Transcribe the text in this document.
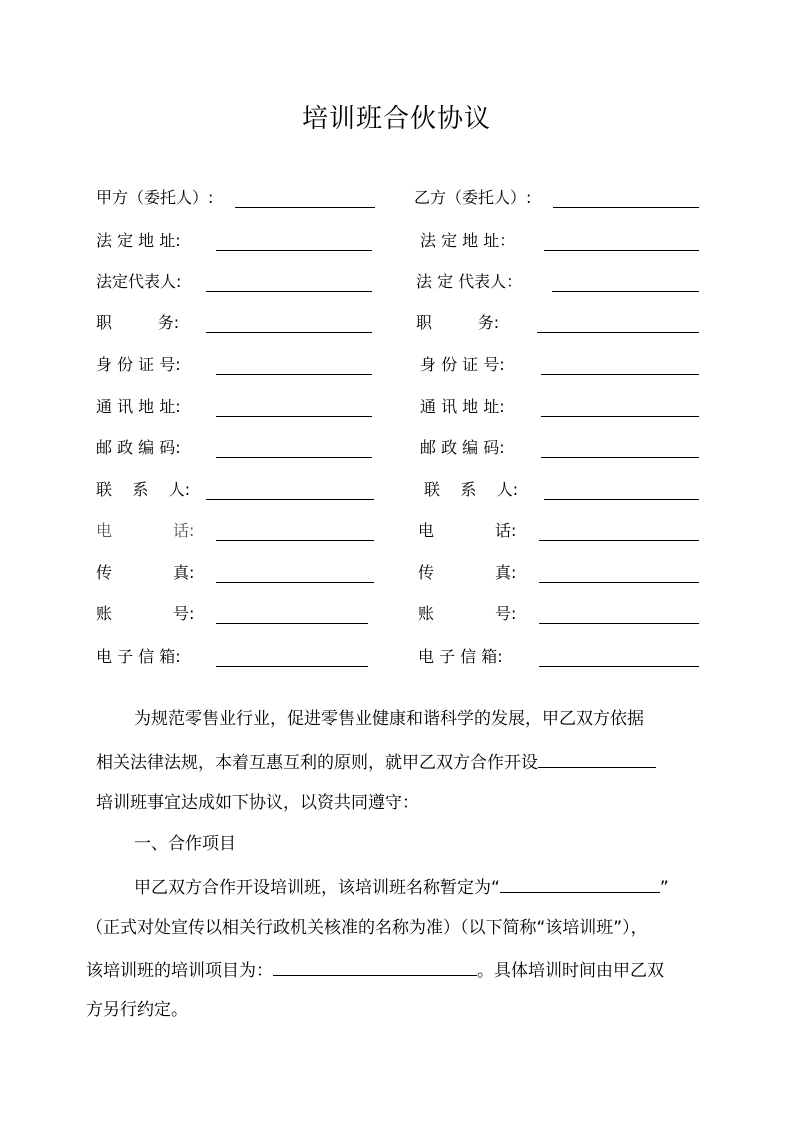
培训班合伙协议
甲方（委托人）:
法 定 地 址:
法定代表人:
职         务:
身 份 证 号:
通 讯 地 址:
邮 政 编 码:
联    系    人:
电            话:
传            真:
账            号:
电 子 信 箱:
乙方（委托人）:
法 定 地 址：
法 定 代表人：
职         务:
身 份 证 号:
通 讯 地 址:
邮 政 编 码:
联    系    人:
电            话:
传            真:
账            号:
电 子 信 箱:
为规范零售业行业，促进零售业健康和谐科学的发展，甲乙双方依据
相关法律法规，本着互惠互利的原则，就甲乙双方合作开设
培训班事宜达成如下协议，以资共同遵守：
一、合作项目
甲乙双方合作开设培训班，该培训班名称暂定为“	”
（正式对处宣传以相关行政机关核准的名称为准）（以下简称“该培训班”），
该培训班的培训项目为：	。具体培训时间由甲乙双
方另行约定。
